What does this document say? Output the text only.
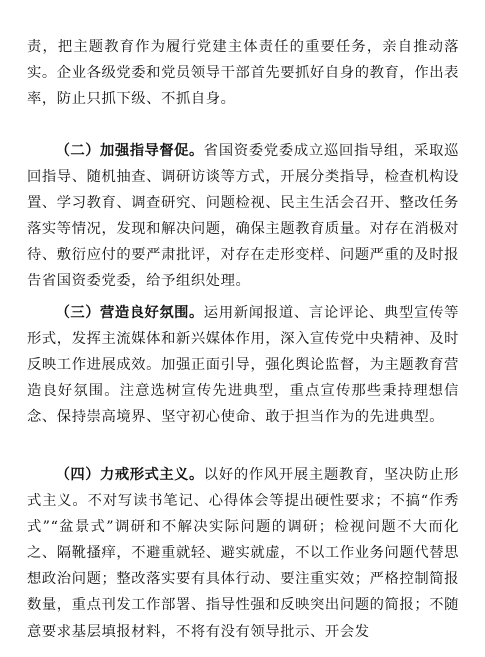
责，把主题教育作为履行党建主体责任的重要任务，亲自推动落实。企业各级党委和党员领导干部首先要抓好自身的教育，作出表率，防止只抓下级、不抓自身。

（二）加强指导督促。省国资委党委成立巡回指导组，采取巡回指导、随机抽查、调研访谈等方式，开展分类指导，检查机构设置、学习教育、调查研究、问题检视、民主生活会召开、整改任务落实等情况，发现和解决问题，确保主题教育质量。对存在消极对待、敷衍应付的要严肃批评，对存在走形变样、问题严重的及时报告省国资委党委，给予组织处理。

（三）营造良好氛围。运用新闻报道、言论评论、典型宣传等形式，发挥主流媒体和新兴媒体作用，深入宣传党中央精神、及时反映工作进展成效。加强正面引导，强化舆论监督，为主题教育营造良好氛围。注意选树宣传先进典型，重点宣传那些秉持理想信念、保持崇高境界、坚守初心使命、敢于担当作为的先进典型。

（四）力戒形式主义。以好的作风开展主题教育，坚决防止形式主义。不对写读书笔记、心得体会等提出硬性要求；不搞“作秀式”“盆景式”调研和不解决实际问题的调研；检视问题不大而化之、隔靴搔痒，不避重就轻、避实就虚，不以工作业务问题代替思想政治问题；整改落实要有具体行动、要注重实效；严格控制简报数量，重点刊发工作部署、指导性强和反映突出问题的简报；不随意要求基层填报材料，不将有没有领导批示、开会发
